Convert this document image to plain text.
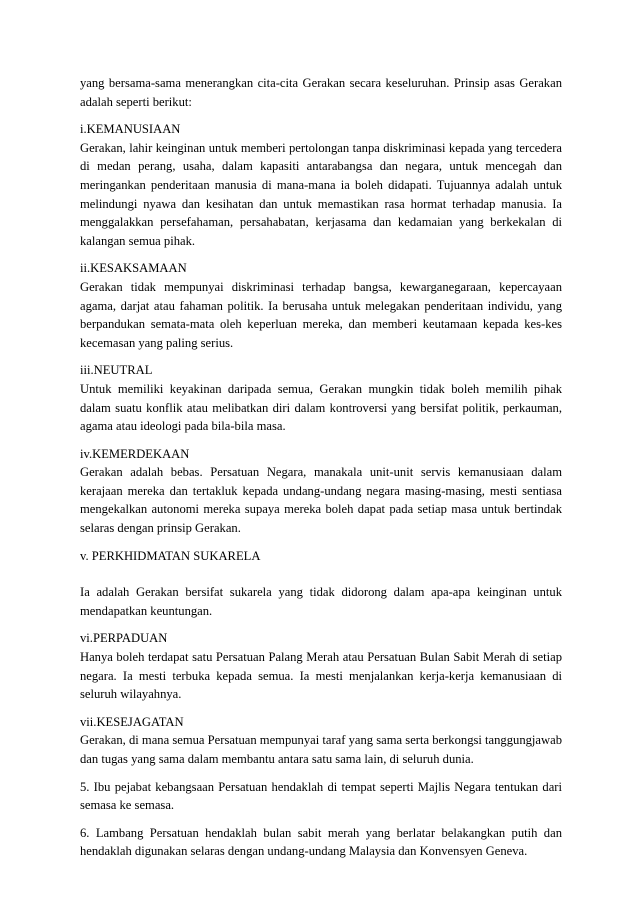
yang bersama-sama menerangkan cita-cita Gerakan secara keseluruhan. Prinsip asas Gerakan adalah seperti berikut:

i.KEMANUSIAAN

Gerakan, lahir keinginan untuk memberi pertolongan tanpa diskriminasi kepada yang tercedera di medan perang, usaha, dalam kapasiti antarabangsa dan negara, untuk mencegah dan meringankan penderitaan manusia di mana-mana ia boleh didapati. Tujuannya adalah untuk melindungi nyawa dan kesihatan dan untuk memastikan rasa hormat terhadap manusia. Ia menggalakkan persefahaman, persahabatan, kerjasama dan kedamaian yang berkekalan di kalangan semua pihak.

ii.KESAKSAMAAN

Gerakan tidak mempunyai diskriminasi terhadap bangsa, kewarganegaraan, kepercayaan agama, darjat atau fahaman politik. Ia berusaha untuk melegakan penderitaan individu, yang berpandukan semata-mata oleh keperluan mereka, dan memberi keutamaan kepada kes-kes kecemasan yang paling serius.

iii.NEUTRAL

Untuk memiliki keyakinan daripada semua, Gerakan mungkin tidak boleh memilih pihak dalam suatu konflik atau melibatkan diri dalam kontroversi yang bersifat politik, perkauman, agama atau ideologi pada bila-bila masa.

iv.KEMERDEKAAN

Gerakan adalah bebas. Persatuan Negara, manakala unit-unit servis kemanusiaan dalam kerajaan mereka dan tertakluk kepada undang-undang negara masing-masing, mesti sentiasa mengekalkan autonomi mereka supaya mereka boleh dapat pada setiap masa untuk bertindak selaras dengan prinsip Gerakan.

v. PERKHIDMATAN SUKARELA

Ia adalah Gerakan bersifat sukarela yang tidak didorong dalam apa-apa keinginan untuk mendapatkan keuntungan.

vi.PERPADUAN

Hanya boleh terdapat satu Persatuan Palang Merah atau Persatuan Bulan Sabit Merah di setiap negara. Ia mesti terbuka kepada semua. Ia mesti menjalankan kerja-kerja kemanusiaan di seluruh wilayahnya.

vii.KESEJAGATAN

Gerakan, di mana semua Persatuan mempunyai taraf yang sama serta berkongsi tanggungjawab dan tugas yang sama dalam membantu antara satu sama lain, di seluruh dunia.

5. Ibu pejabat kebangsaan Persatuan hendaklah di tempat seperti Majlis Negara tentukan dari semasa ke semasa.

6. Lambang Persatuan hendaklah bulan sabit merah yang berlatar belakangkan putih dan hendaklah digunakan selaras dengan undang-undang Malaysia dan Konvensyen Geneva.
